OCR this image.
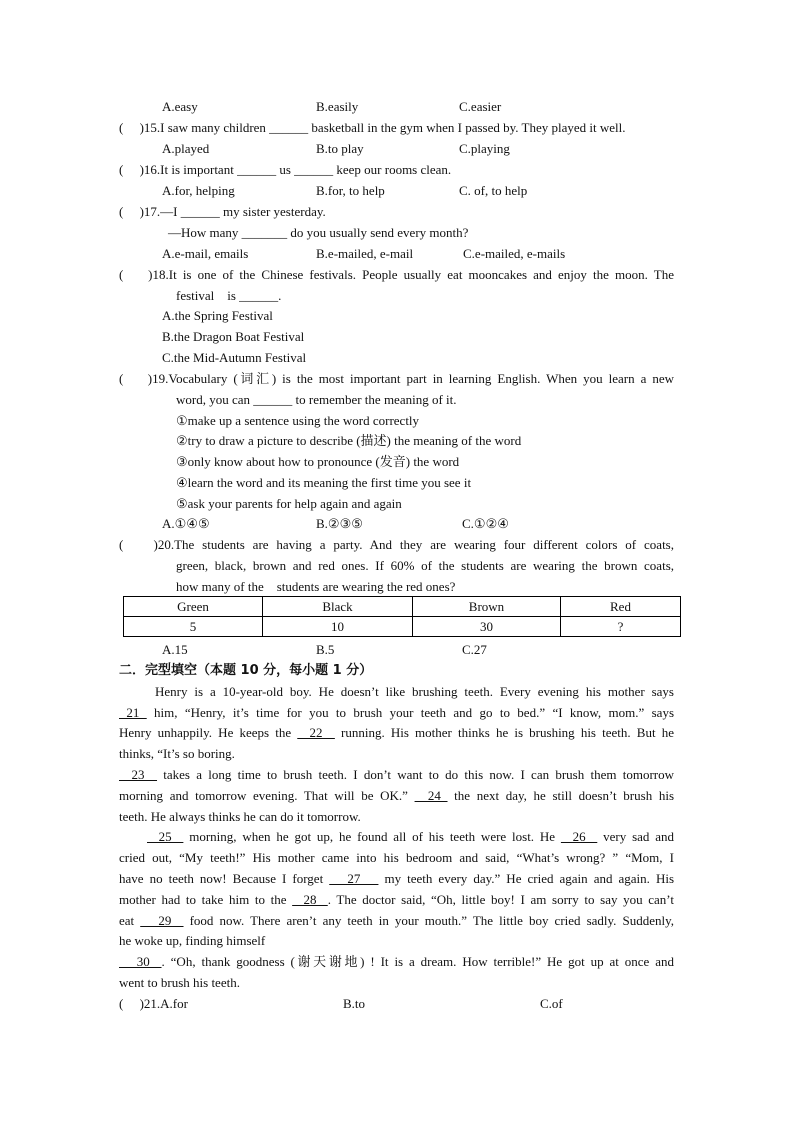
A.easy	B.easily	C.easier
(　 )15.I saw many children ______ basketball in the gym when I passed by. They played it well.
A.played	B.to play	C.playing
(　 )16.It is important ______ us ______ keep our rooms clean.
A.for, helping	B.for, to help	C. of, to help
(　 )17.—I ______ my sister yesterday.
—How many _______ do you usually send every month?
A.e-mail, emails	B.e-mailed, e-mail	C.e-mailed, e-mails
(　 )18.It is one of the Chinese festivals. People usually eat mooncakes and enjoy the moon. The
festival　is ______.
A.the Spring Festival
B.the Dragon Boat Festival
C.the Mid-Autumn Festival
(　 )19.Vocabulary (词汇) is the most important part in learning English. When you learn a new
word, you can ______ to remember the meaning of it.
①make up a sentence using the word correctly
②try to draw a picture to describe (描述) the meaning of the word
③only know about how to pronounce (发音) the word
④learn the word and its meaning the first time you see it
⑤ask your parents for help again and again
A.①④⑤	B.②③⑤	C.①②④
(　 )20.The students are having a party. And they are wearing four different colors of coats,
green, black, brown and red ones. If 60% of the students are wearing the brown coats,
how many of the　students are wearing the red ones?
Green	Black	Brown	Red
5	10	30	?
A.15	B.5	C.27
二．完型填空（本题 10 分，每小题 1 分）
Henry is a 10-year-old boy. He doesn’t like brushing teeth. Every evening his mother says
21  him, “Henry, it’s time for you to brush your teeth and go to bed.” “I know, mom.” says
Henry unhappily. He keeps the   22   running. His mother thinks he is brushing his teeth. But he
thinks, “It’s so boring.
23   takes a long time to brush teeth. I don’t want to do this now. I can brush them tomorrow
morning and tomorrow evening. That will be OK.”   24  the next day, he still doesn’t brush his
teeth. He always thinks he can do it tomorrow.
25   morning, when he got up, he found all of his teeth were lost. He   26   very sad and
cried out, “My teeth!” His mother came into his bedroom and said, “What’s wrong? ” “Mom, I
have no teeth now! Because I forget    27    my teeth every day.” He cried again and again. His
mother had to take him to the   28  . The doctor said, “Oh, little boy! I am sorry to say you can’t
eat    29   food now. There aren’t any teeth in your mouth.” The little boy cried sadly. Suddenly,
he woke up, finding himself
30  . “Oh, thank goodness (谢天谢地) ! It is a dream. How terrible!” He got up at once and
went to brush his teeth.
(　 )21.A.for	B.to	C.of
